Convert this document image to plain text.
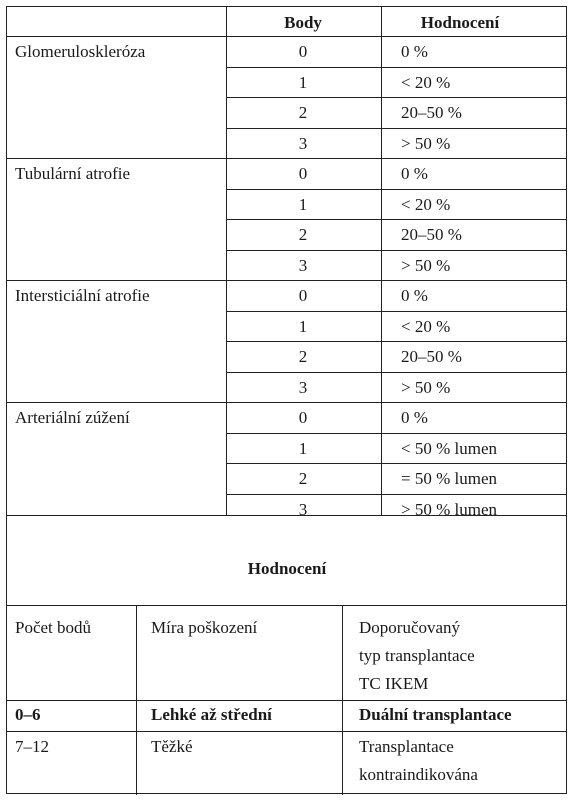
Body	Hodnocení
Hodnocení
Počet bodů	Míra poškození	Doporučovaný
typ transplantace
TC IKEM
0–6	Lehké až střední	Duální transplantace
7–12	Těžké	Transplantace
kontraindikována
Glomeruloskleróza	0	0 %
1	< 20 %
2	20–50 %
3	> 50 %
Tubulární atrofie	0	0 %
1	< 20 %
2	20–50 %
3	> 50 %
Intersticiální atrofie	0	0 %
1	< 20 %
2	20–50 %
3	> 50 %
Arteriální zúžení	0	0 %
1	< 50 % lumen
2	= 50 % lumen
3	> 50 % lumen
